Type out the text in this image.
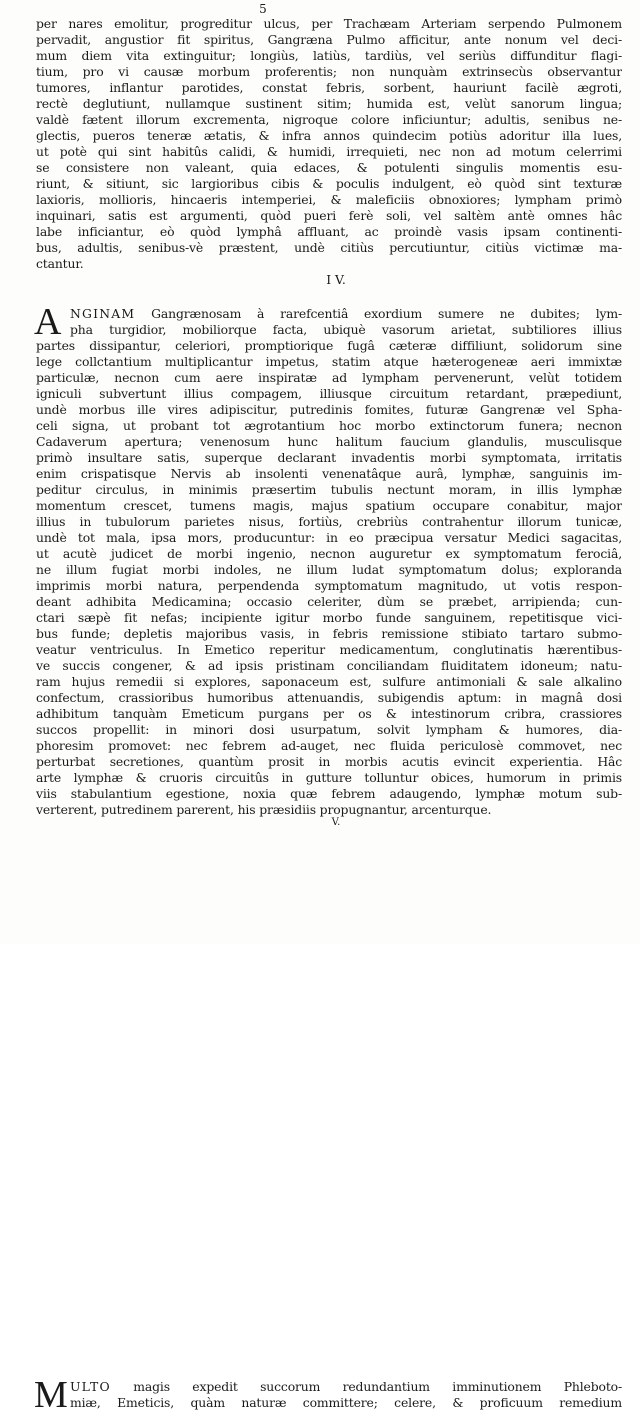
5
per nares emolitur, progreditur ulcus, per Trachæam Arteriam serpendo Pulmonem
pervadit, angustior fit spiritus, Gangræna Pulmo afficitur, ante nonum vel deci-
mum diem vita extinguitur; longiùs, latiùs, tardiùs, vel seriùs diffunditur flagi-
tium, pro vi causæ morbum proferentis; non nunquàm extrinsecùs observantur
tumores, inflantur parotides, constat febris, sorbent, hauriunt facilè ægroti,
rectè deglutiunt, nullamque sustinent sitim; humida est, velùt sanorum lingua;
valdè fætent illorum excrementa, nigroque colore inficiuntur; adultis, senibus ne-
glectis, pueros teneræ ætatis, & infra annos quindecim potiùs adoritur illa lues,
ut potè qui sint habitûs calidi, & humidi, irrequieti, nec non ad motum celerrimi
se consistere non valeant, quia edaces, & potulenti singulis momentis esu-
riunt, & sitiunt, sic largioribus cibis & poculis indulgent, eò quòd sint texturæ
laxioris, mollioris, hincaeris intemperiei, & maleficiis obnoxiores; lympham primò
inquinari, satis est argumenti, quòd pueri ferè soli, vel saltèm antè omnes hâc
labe inficiantur, eò quòd lymphâ affluant, ac proindè vasis ipsam continenti-
bus, adultis, senibus-vè præstent, undè citiùs percutiuntur, citiùs victimæ ma-
ctantur.
I V.
A NGINAM Gangrænosam à rarefcentiâ exordium sumere ne dubites; lym-
pha turgidior, mobiliorque facta, ubiquè vasorum arietat, subtiliores illius
partes dissipantur, celeriori, promptiorique fugâ cæteræ diffiliunt, solidorum sine
lege collctantium multiplicantur impetus, statim atque hæterogeneæ aeri immixtæ
particulæ, necnon cum aere inspiratæ ad lympham pervenerunt, velùt totidem
igniculi subvertunt illius compagem, illiusque circuitum retardant, præpediunt,
undè morbus ille vires adipiscitur, putredinis fomites, futuræ Gangrenæ vel Spha-
celi signa, ut probant tot ægrotantium hoc morbo extinctorum funera; necnon
Cadaverum apertura; venenosum hunc halitum faucium glandulis, musculisque
primò insultare satis, superque declarant invadentis morbi symptomata, irritatis
enim crispatisque Nervis ab insolenti venenatâque aurâ, lymphæ, sanguinis im-
peditur circulus, in minimis præsertim tubulis nectunt moram, in illis lymphæ
momentum crescet, tumens magis, majus spatium occupare conabitur, major
illius in tubulorum parietes nisus, fortiùs, crebriùs contrahentur illorum tunicæ,
undè tot mala, ipsa mors, producuntur: in eo præcipua versatur Medici sagacitas,
ut acutè judicet de morbi ingenio, necnon auguretur ex symptomatum ferociâ,
ne illum fugiat morbi indoles, ne illum ludat symptomatum dolus; exploranda
imprimis morbi natura, perpendenda symptomatum magnitudo, ut votis respon-
deant adhibita Medicamina; occasio celeriter, dùm se præbet, arripienda; cun-
ctari sæpè fit nefas; incipiente igitur morbo funde sanguinem, repetitisque vici-
bus funde; depletis majoribus vasis, in febris remissione stibiato tartaro submo-
veatur ventriculus. In Emetico reperitur medicamentum, conglutinatis hærentibus-
ve succis congener, & ad ipsis pristinam conciliandam fluiditatem idoneum; natu-
ram hujus remedii si explores, saponaceum est, sulfure antimoniali & sale alkalino
confectum, crassioribus humoribus attenuandis, subigendis aptum: in magnâ dosi
adhibitum tanquàm Emeticum purgans per os & intestinorum cribra, crassiores
succos propellit: in minori dosi usurpatum, solvit lympham & humores, dia-
phoresim promovet: nec febrem ad-auget, nec fluida periculosè commovet, nec
perturbat secretiones, quantùm prosit in morbis acutis evincit experientia. Hâc
arte lymphæ & cruoris circuitûs in gutture tolluntur obices, humorum in primis
viis stabulantium egestione, noxia quæ febrem adaugendo, lymphæ motum sub-
verterent, putredinem parerent, his præsidiis propugnantur, arcenturque.
V.
M ULTO magis expedit succorum redundantium imminutionem Phleboto-
miæ, Emeticis, quàm naturæ committere; celere, & proficuum remedium
